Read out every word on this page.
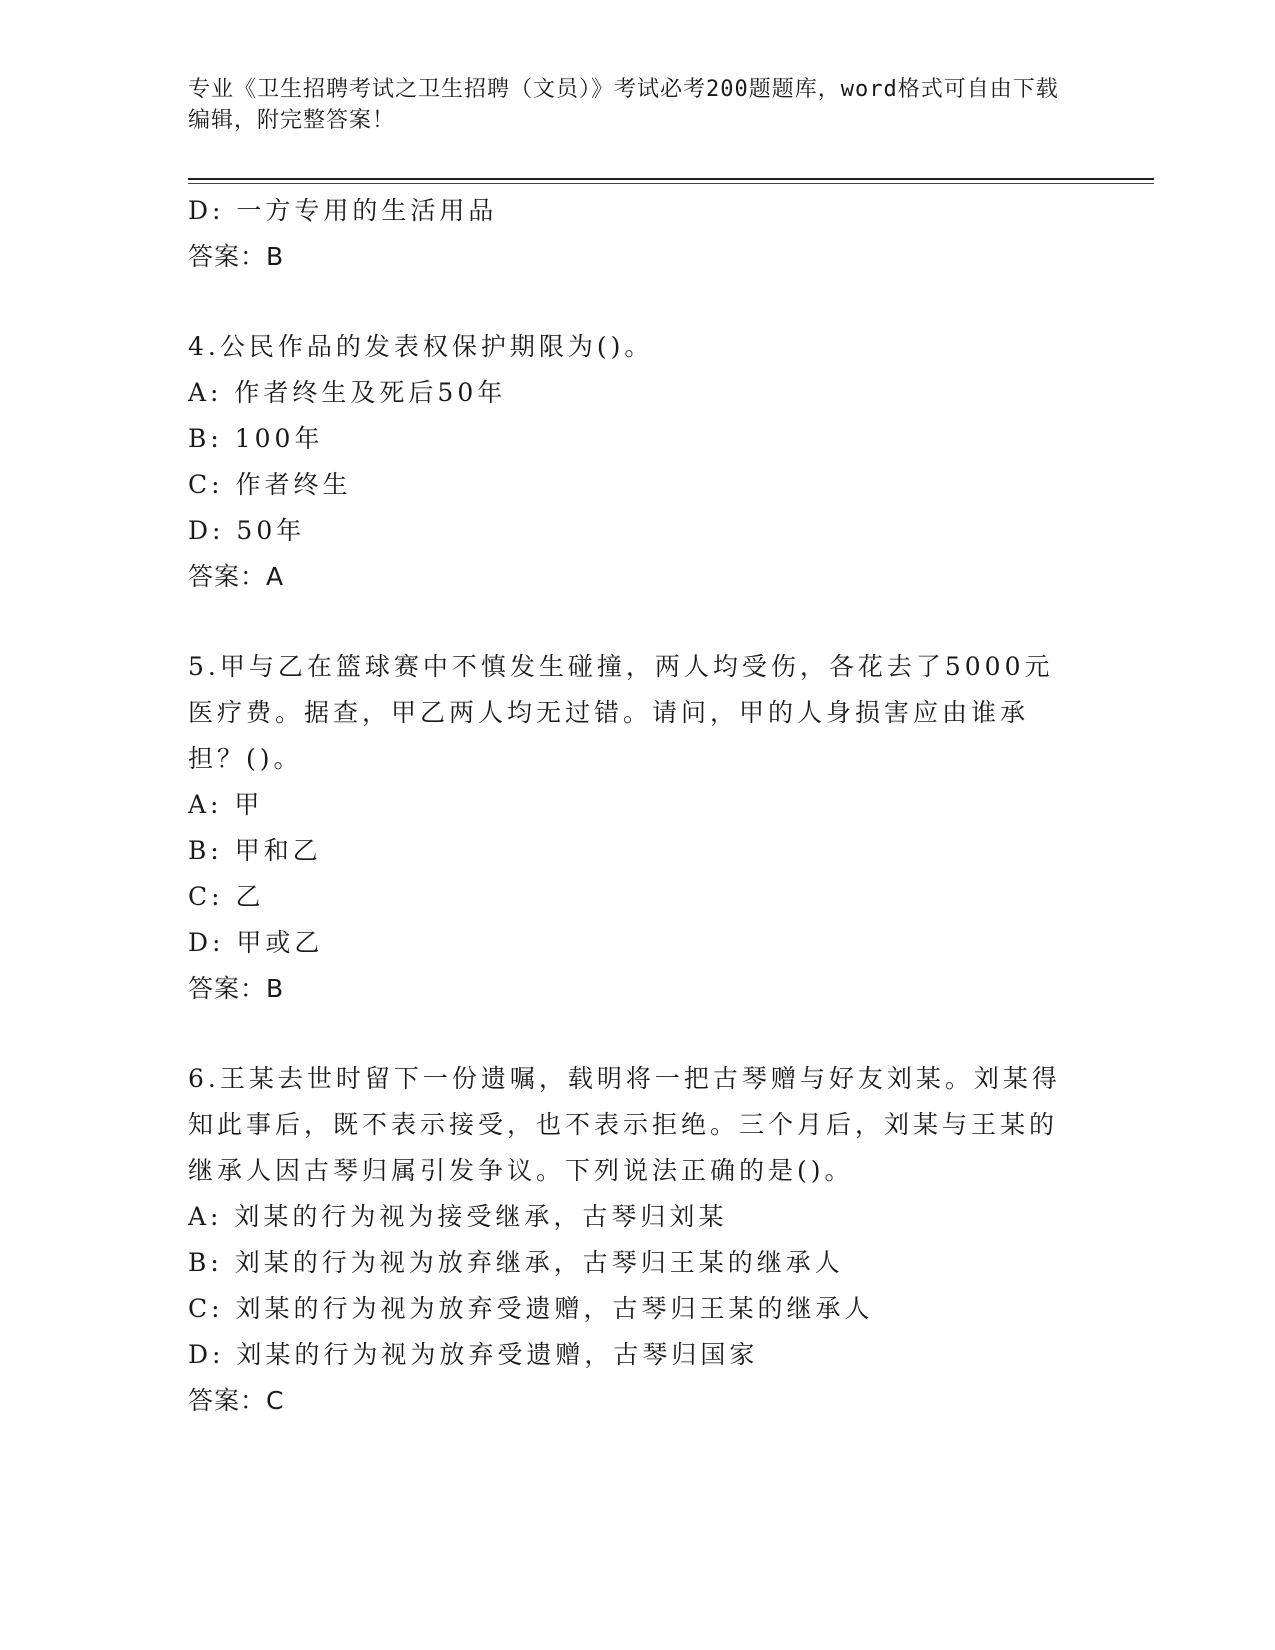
专业《卫生招聘考试之卫生招聘（文员）》考试必考200题题库，word格式可自由下载编辑，附完整答案！
D: 一方专用的生活用品
答案：B
4.公民作品的发表权保护期限为()。
A: 作者终生及死后50年
B: 100年
C: 作者终生
D: 50年
答案：A
5.甲与乙在篮球赛中不慎发生碰撞，两人均受伤，各花去了5000元医疗费。据查，甲乙两人均无过错。请问，甲的人身损害应由谁承担？()。
A: 甲
B: 甲和乙
C: 乙
D: 甲或乙
答案：B
6.王某去世时留下一份遗嘱，载明将一把古琴赠与好友刘某。刘某得知此事后，既不表示接受，也不表示拒绝。三个月后，刘某与王某的继承人因古琴归属引发争议。下列说法正确的是()。
A: 刘某的行为视为接受继承，古琴归刘某
B: 刘某的行为视为放弃继承，古琴归王某的继承人
C: 刘某的行为视为放弃受遗赠，古琴归王某的继承人
D: 刘某的行为视为放弃受遗赠，古琴归国家
答案：C
